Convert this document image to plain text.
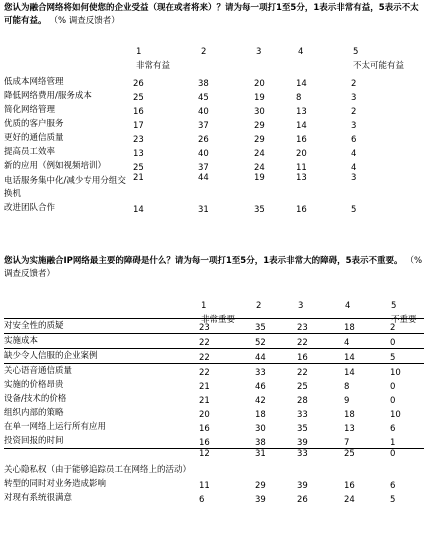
您认为融合网络将如何使您的企业受益（现在或者将来）？请为每一项打1至5分，1表示非常有益，5表示不太可能有益。 （% 调查反馈者）
1	2	3	4	5
非常有益	不太可能有益
低成本网络管理	26	38	20	14	2
降低网络费用/服务成本	25	45	19	8	3
简化网络管理	16	40	30	13	2
优质的客户服务	17	37	29	14	3
更好的通信质量	23	26	29	16	6
提高员工效率	13	40	24	20	4
新的应用（例如视频培训）	25	37	24	11	4
电话服务集中化/减少专用分组交换机	21	44	19	13	3
改进团队合作	14	31	35	16	5
您认为实施融合IP网络最主要的障碍是什么？请为每一项打1至5分，1表示非常大的障碍，5表示不重要。 （% 调查反馈者）
1	2	3	4	5
非常重要	不重要
对安全性的质疑	23	35	23	18	2
实施成本	22	52	22	4	0
缺少令人信服的企业案例	22	44	16	14	5
关心语音通信质量	22	33	22	14	10
实施的价格昂贵	21	46	25	8	0
设备/技术的价格	21	42	28	9	0
组织内部的策略	20	18	33	18	10
在单一网络上运行所有应用	16	30	35	13	6
投资回报的时间	16	38	39	7	1
关心隐私权（由于能够追踪员工在网络上的活动）	12	31	33	25	0
转型的同时对业务造成影响	11	29	39	16	6
对现有系统很满意	6	39	26	24	5
